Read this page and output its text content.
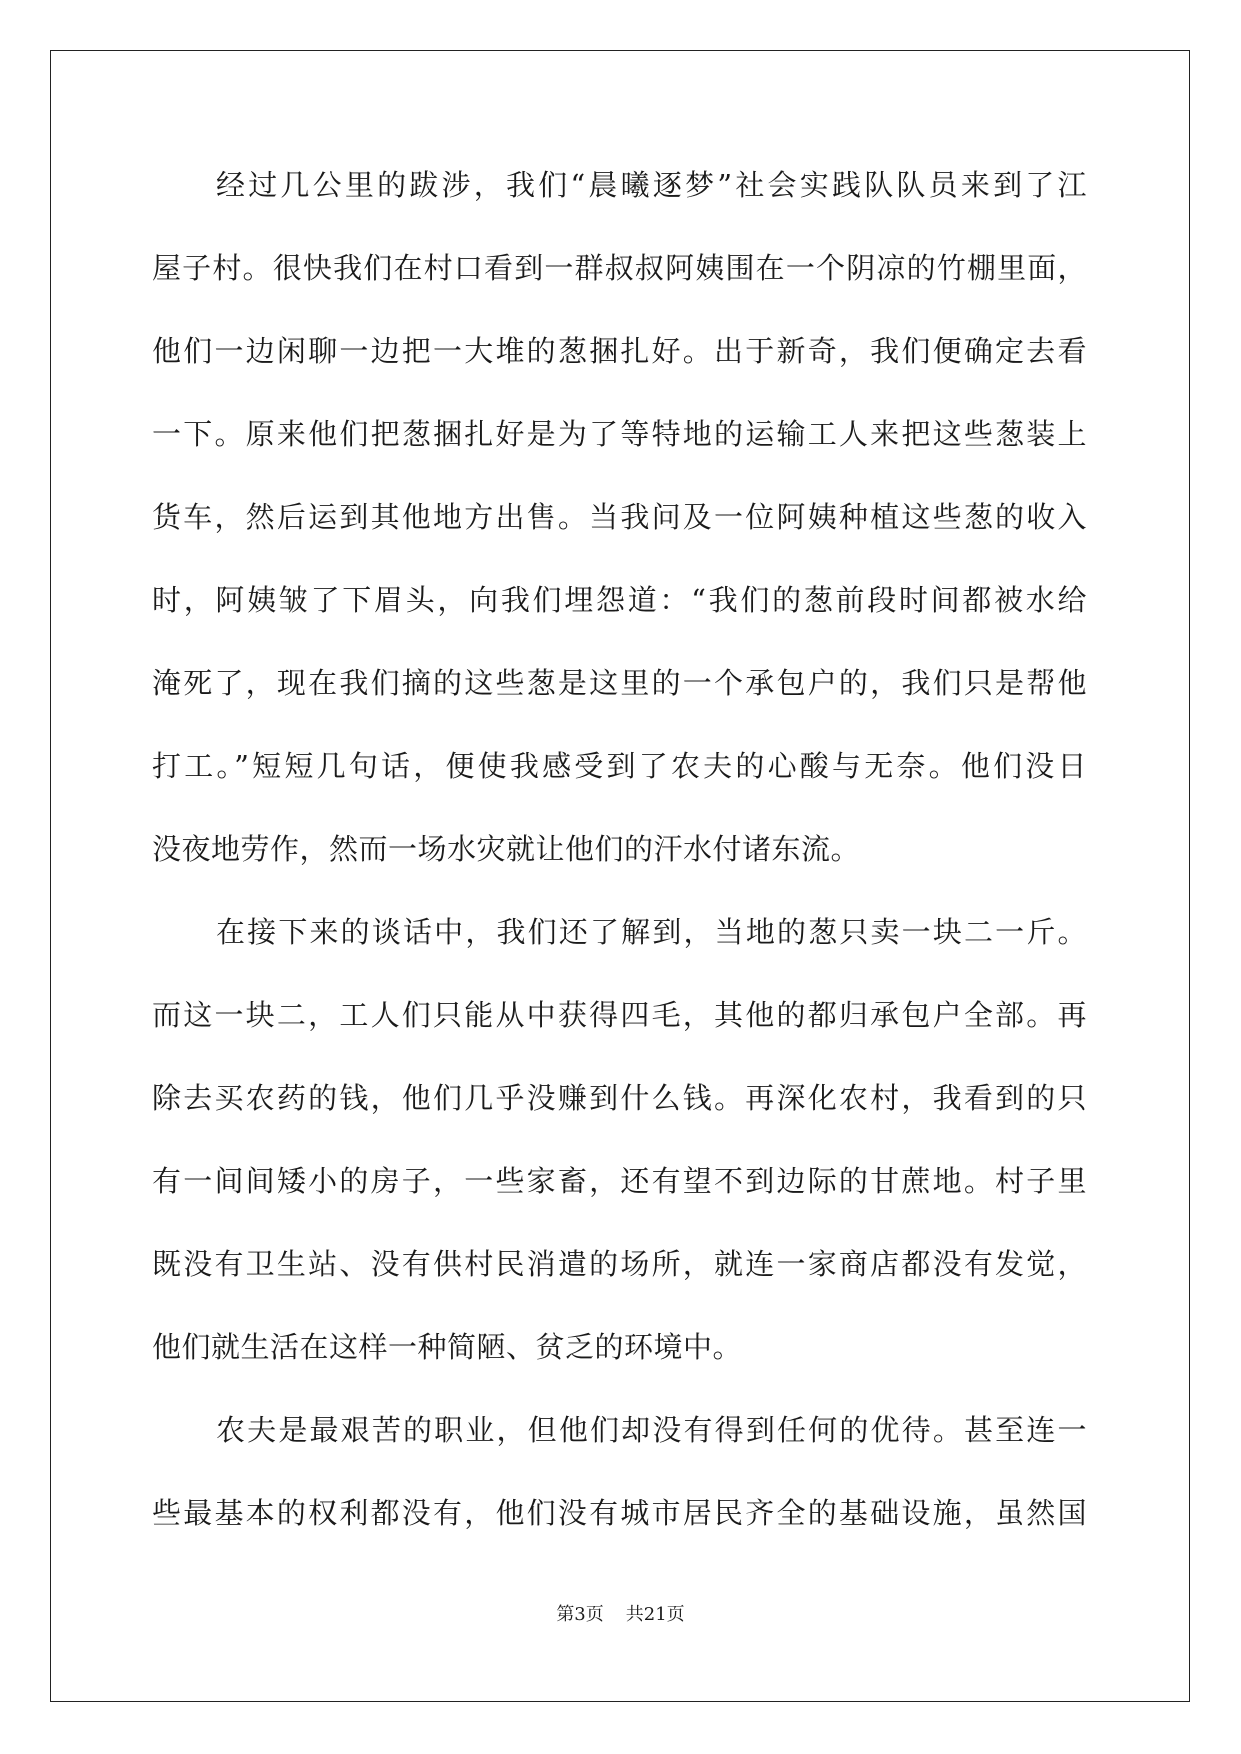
经过几公里的跋涉，我们“晨曦逐梦”社会实践队队员来到了江
屋子村。很快我们在村口看到一群叔叔阿姨围在一个阴凉的竹棚里面，
他们一边闲聊一边把一大堆的葱捆扎好。出于新奇，我们便确定去看
一下。原来他们把葱捆扎好是为了等特地的运输工人来把这些葱装上
货车，然后运到其他地方出售。当我问及一位阿姨种植这些葱的收入
时，阿姨皱了下眉头，向我们埋怨道：“我们的葱前段时间都被水给
淹死了，现在我们摘的这些葱是这里的一个承包户的，我们只是帮他
打工。”短短几句话，便使我感受到了农夫的心酸与无奈。他们没日
没夜地劳作，然而一场水灾就让他们的汗水付诸东流。
在接下来的谈话中，我们还了解到，当地的葱只卖一块二一斤。
而这一块二，工人们只能从中获得四毛，其他的都归承包户全部。再
除去买农药的钱，他们几乎没赚到什么钱。再深化农村，我看到的只
有一间间矮小的房子，一些家畜，还有望不到边际的甘蔗地。村子里
既没有卫生站、没有供村民消遣的场所，就连一家商店都没有发觉，
他们就生活在这样一种简陋、贫乏的环境中。
农夫是最艰苦的职业，但他们却没有得到任何的优待。甚至连一
些最基本的权利都没有，他们没有城市居民齐全的基础设施，虽然国
第3页 共21页
